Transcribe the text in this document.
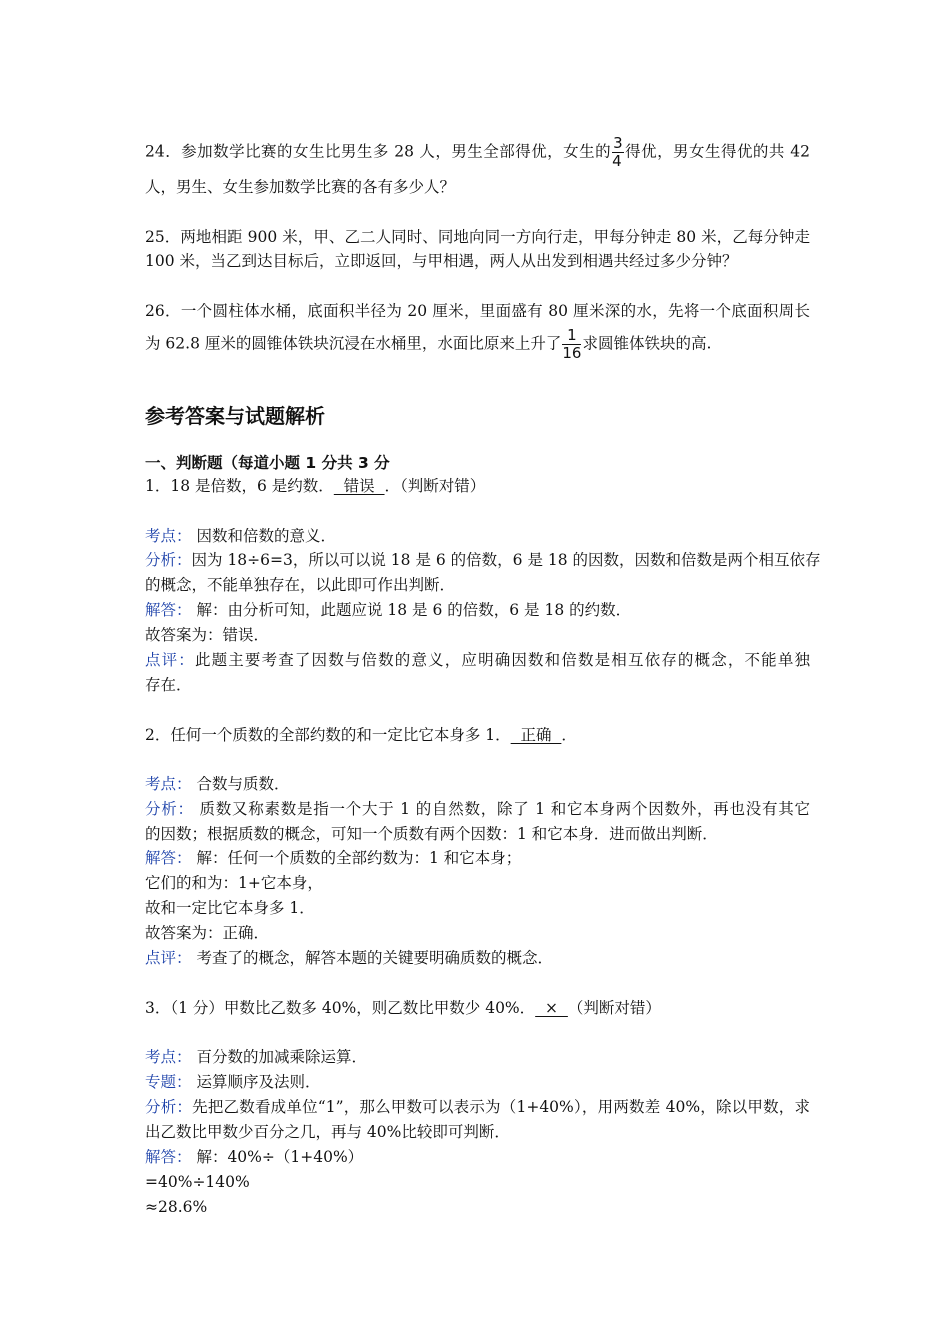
24．参加数学比赛的女生比男生多 28 人，男生全部得优，女生的 $\frac{3}{4}$ 得优，男女生得优的共 42
人，男生、女生参加数学比赛的各有多少人？
25．两地相距 900 米，甲、乙二人同时、同地向同一方向行走，甲每分钟走 80 米，乙每分钟走
100 米，当乙到达目标后，立即返回，与甲相遇，两人从出发到相遇共经过多少分钟？
26．一个圆柱体水桶，底面积半径为 20 厘米，里面盛有 80 厘米深的水，先将一个底面积周长
为 62.8 厘米的圆锥体铁块沉浸在水桶里，水面比原来上升了 $\frac{1}{16}$ 求圆锥体铁块的高.
参考答案与试题解析
一、判断题（每道小题 1 分共 3 分
1．18 是倍数，6 是约数．  错误  ．（判断对错）
考点： 因数和倍数的意义．
分析：因为 18÷6=3，所以可以说 18 是 6 的倍数，6 是 18 的因数，因数和倍数是两个相互依存
的概念，不能单独存在，以此即可作出判断．
解答： 解：由分析可知，此题应说 18 是 6 的倍数，6 是 18 的约数．
故答案为：错误．
点评：此题主要考查了因数与倍数的意义，应明确因数和倍数是相互依存的概念，不能单独
存在．
2．任何一个质数的全部约数的和一定比它本身多 1．  正确  ．
考点： 合数与质数．
分析： 质数又称素数是指一个大于 1 的自然数，除了 1 和它本身两个因数外，再也没有其它
的因数；根据质数的概念，可知一个质数有两个因数：1 和它本身．进而做出判断．
解答： 解：任何一个质数的全部约数为：1 和它本身；
它们的和为：1+它本身，
故和一定比它本身多 1．
故答案为：正确．
点评： 考查了的概念，解答本题的关键要明确质数的概念．
3．（1 分）甲数比乙数多 40%，则乙数比甲数少 40%．  ×  （判断对错）
考点： 百分数的加减乘除运算．
专题： 运算顺序及法则．
分析：先把乙数看成单位“1”，那么甲数可以表示为（1+40%），用两数差 40%，除以甲数，求
出乙数比甲数少百分之几，再与 40%比较即可判断．
解答： 解：40%÷（1+40%）
=40%÷140%
≈28.6%
